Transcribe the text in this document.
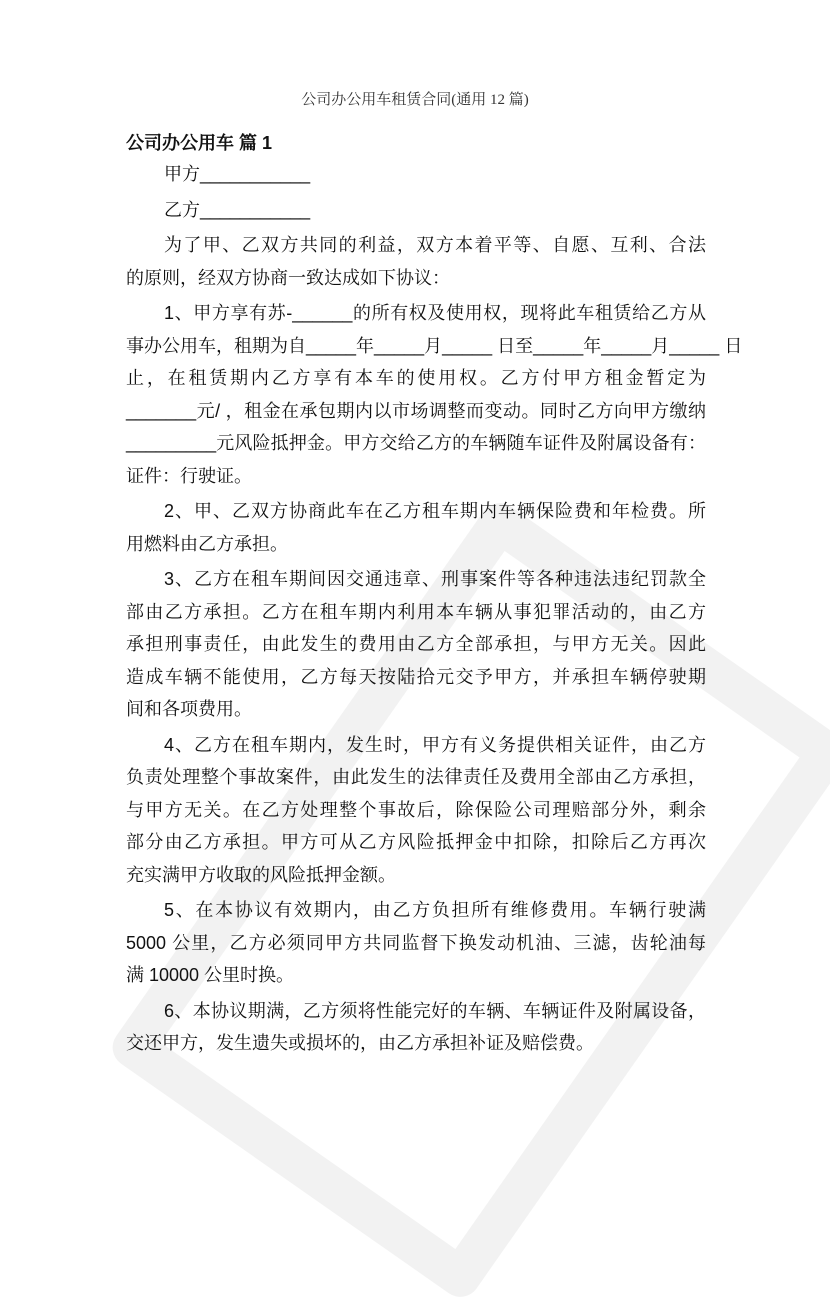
公司办公用车租赁合同(通用 12 篇)
公司办公用车 篇 1
甲方___________
乙方___________
为了甲、乙双方共同的利益，双方本着平等、自愿、互利、合法
的原则，经双方协商一致达成如下协议：
1、甲方享有苏-______的所有权及使用权，现将此车租赁给乙方从
事办公用车，租期为自_____年_____月_____ 日至_____年_____月_____ 日
止，在租赁期内乙方享有本车的使用权。乙方付甲方租金暂定为
_______元/ ，租金在承包期内以市场调整而变动。同时乙方向甲方缴纳
_________元风险抵押金。甲方交给乙方的车辆随车证件及附属设备有：
证件：行驶证。
2、甲、乙双方协商此车在乙方租车期内车辆保险费和年检费。所
用燃料由乙方承担。
3、乙方在租车期间因交通违章、刑事案件等各种违法违纪罚款全
部由乙方承担。乙方在租车期内利用本车辆从事犯罪活动的，由乙方
承担刑事责任，由此发生的费用由乙方全部承担，与甲方无关。因此
造成车辆不能使用，乙方每天按陆拾元交予甲方，并承担车辆停驶期
间和各项费用。
4、乙方在租车期内，发生时，甲方有义务提供相关证件，由乙方
负责处理整个事故案件，由此发生的法律责任及费用全部由乙方承担，
与甲方无关。在乙方处理整个事故后，除保险公司理赔部分外，剩余
部分由乙方承担。甲方可从乙方风险抵押金中扣除，扣除后乙方再次
充实满甲方收取的风险抵押金额。
5、在本协议有效期内，由乙方负担所有维修费用。车辆行驶满
5000 公里，乙方必须同甲方共同监督下换发动机油、三滤，齿轮油每
满 10000 公里时换。
6、本协议期满，乙方须将性能完好的车辆、车辆证件及附属设备，
交还甲方，发生遗失或损坏的，由乙方承担补证及赔偿费。
